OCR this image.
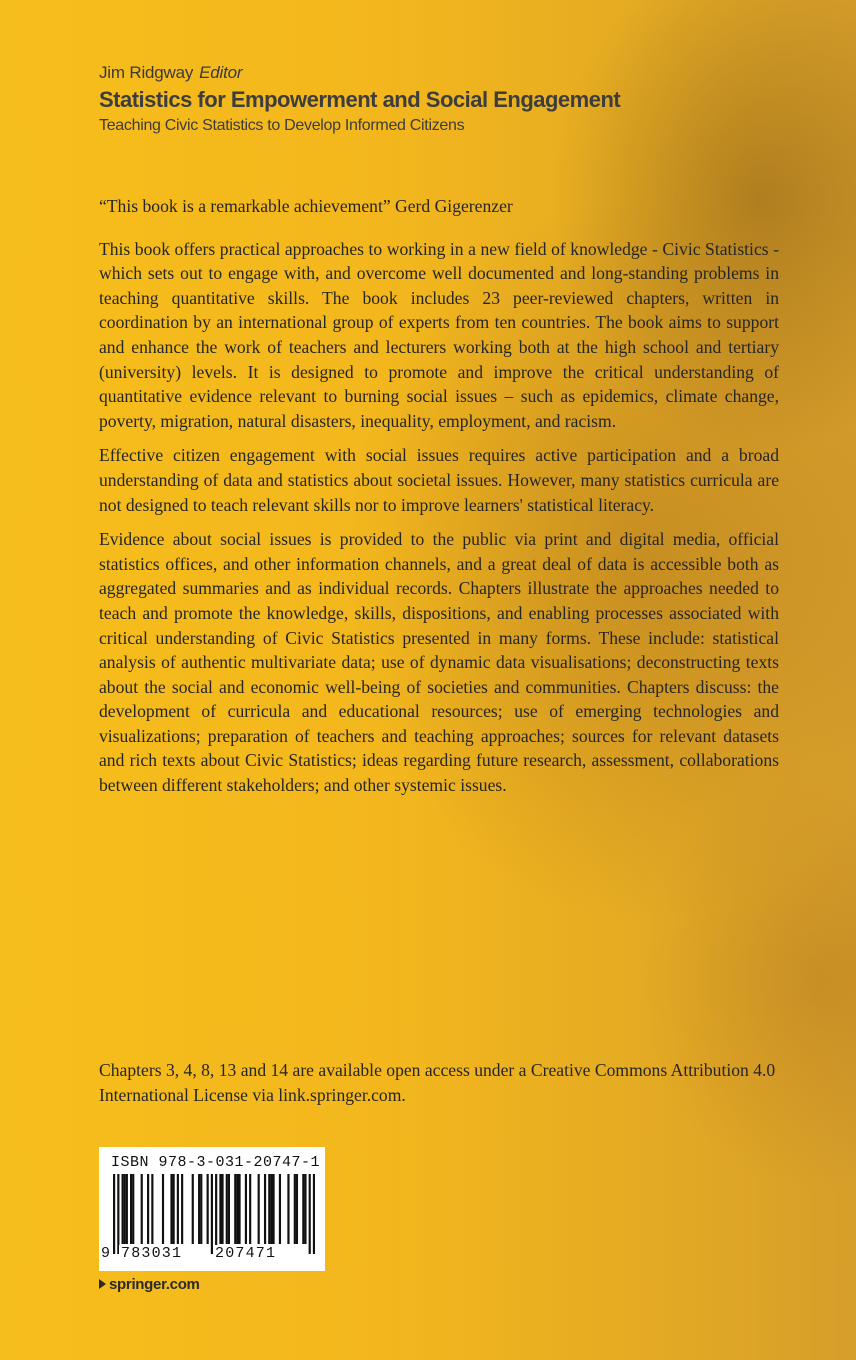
Jim Ridgway Editor
Statistics for Empowerment and Social Engagement
Teaching Civic Statistics to Develop Informed Citizens

“This book is a remarkable achievement” Gerd Gigerenzer

This book offers practical approaches to working in a new field of knowledge - Civic Statistics - which sets out to engage with, and overcome well documented and long-standing problems in teaching quantitative skills. The book includes 23 peer-reviewed chapters, written in coordination by an international group of experts from ten countries. The book aims to support and enhance the work of teachers and lecturers working both at the high school and tertiary (university) levels. It is designed to promote and improve the critical understanding of quantitative evidence relevant to burning social issues – such as epidemics, climate change, poverty, migration, natural disasters, inequality, employment, and racism.

Effective citizen engagement with social issues requires active participation and a broad understanding of data and statistics about societal issues. However, many statistics curricula are not designed to teach relevant skills nor to improve learners' statistical literacy.

Evidence about social issues is provided to the public via print and digital media, official statistics offices, and other information channels, and a great deal of data is accessible both as aggregated summaries and as individual records. Chapters illustrate the approaches needed to teach and promote the knowledge, skills, dispositions, and enabling processes associated with critical understanding of Civic Statistics presented in many forms. These include: statistical analysis of authentic multivariate data; use of dynamic data visualisations; deconstructing texts about the social and economic well-being of societies and communities. Chapters discuss: the development of curricula and educational resources; use of emerging technologies and visualizations; preparation of teachers and teaching approaches; sources for relevant datasets and rich texts about Civic Statistics; ideas regarding future research, assessment, collaborations between different stakeholders; and other systemic issues.

Chapters 3, 4, 8, 13 and 14 are available open access under a Creative Commons Attribution 4.0 International License via link.springer.com.

ISBN 978-3-031-20747-1
9 783031 207471
springer.com
